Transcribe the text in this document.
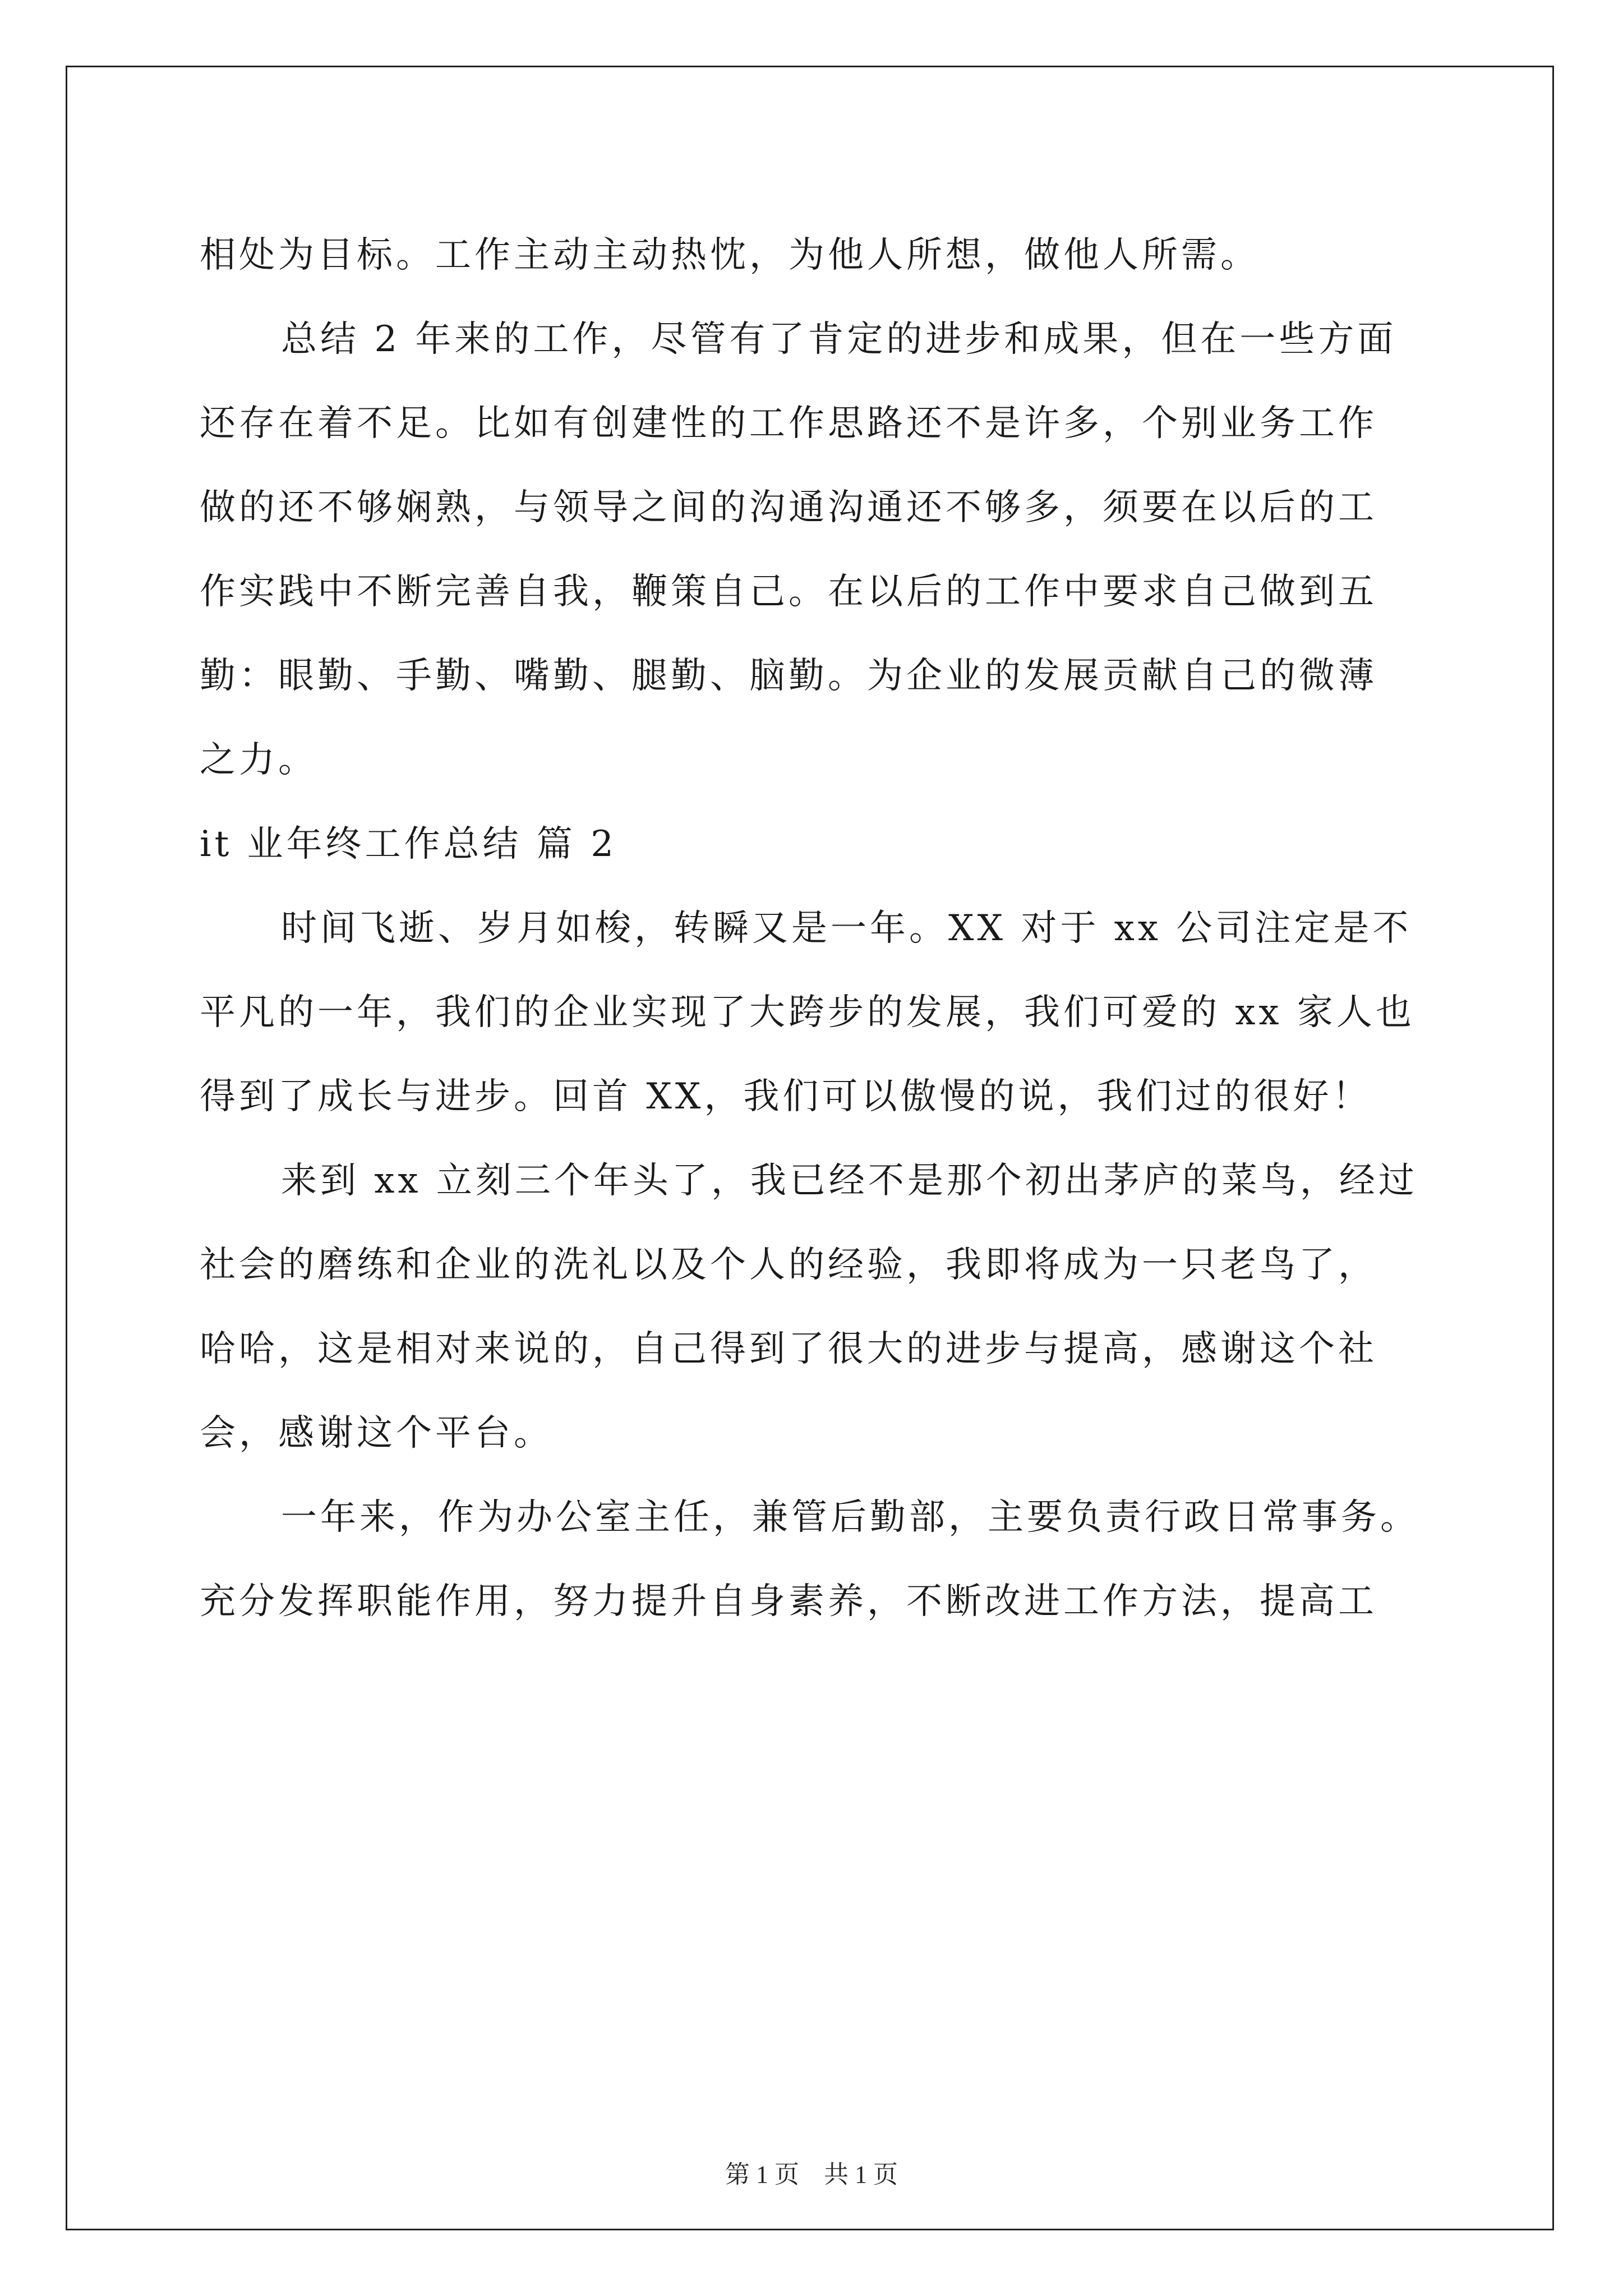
相处为目标。工作主动主动热忱，为他人所想，做他人所需。
总结 2 年来的工作，尽管有了肯定的进步和成果，但在一些方面
还存在着不足。比如有创建性的工作思路还不是许多，个别业务工作
做的还不够娴熟，与领导之间的沟通沟通还不够多，须要在以后的工
作实践中不断完善自我，鞭策自己。在以后的工作中要求自己做到五
勤：眼勤、手勤、嘴勤、腿勤、脑勤。为企业的发展贡献自己的微薄
之力。
it 业年终工作总结 篇 2
时间飞逝、岁月如梭，转瞬又是一年。XX 对于 xx 公司注定是不
平凡的一年，我们的企业实现了大跨步的发展，我们可爱的 xx 家人也
得到了成长与进步。回首 XX，我们可以傲慢的说，我们过的很好！
来到 xx 立刻三个年头了，我已经不是那个初出茅庐的菜鸟，经过
社会的磨练和企业的洗礼以及个人的经验，我即将成为一只老鸟了，
哈哈，这是相对来说的，自己得到了很大的进步与提高，感谢这个社
会，感谢这个平台。
一年来，作为办公室主任，兼管后勤部，主要负责行政日常事务。
充分发挥职能作用，努力提升自身素养，不断改进工作方法，提高工
第 1 页　共 1 页
